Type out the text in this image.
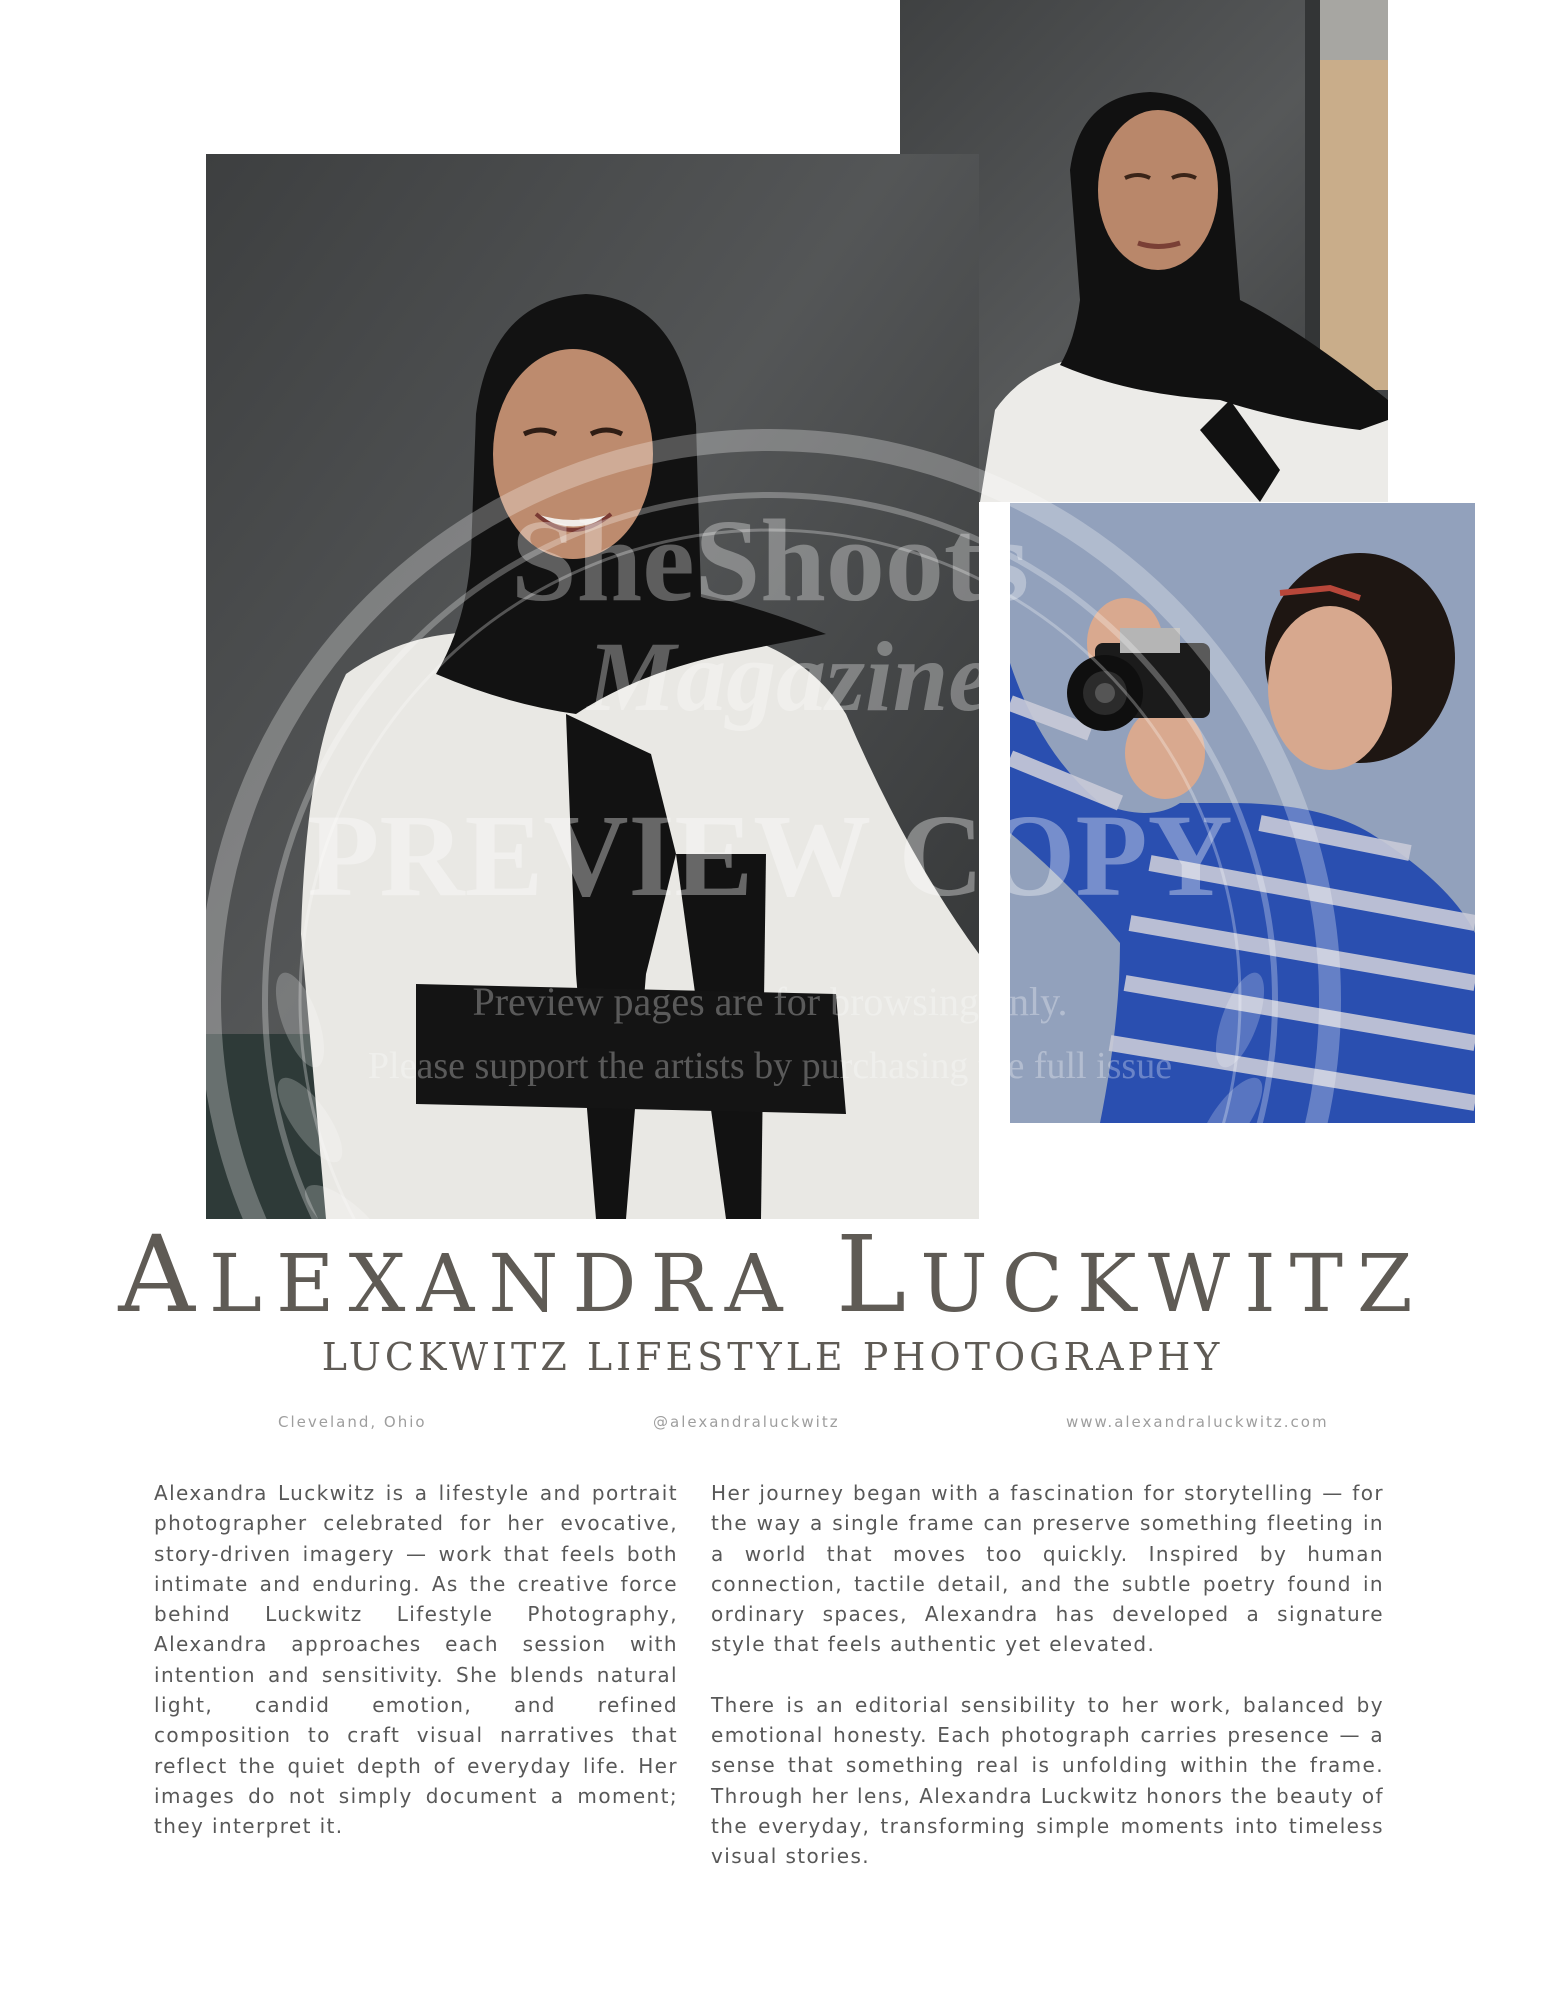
SheShoots
Magazine
PREVIEW COPY
Preview pages are for browsing only.
Please support the artists by purchasing the full issue
ALEXANDRA LUCKWITZ
LUCKWITZ LIFESTYLE PHOTOGRAPHY
Cleveland, Ohio	@alexandraluckwitz	www.alexandraluckwitz.com

Alexandra Luckwitz is a lifestyle and portrait photographer celebrated for her evocative, story-driven imagery — work that feels both intimate and enduring. As the creative force behind Luckwitz Lifestyle Photography, Alexandra approaches each session with intention and sensitivity. She blends natural light, candid emotion, and refined composition to craft visual narratives that reflect the quiet depth of everyday life. Her images do not simply document a moment; they interpret it.

Her journey began with a fascination for storytelling — for the way a single frame can preserve something fleeting in a world that moves too quickly. Inspired by human connection, tactile detail, and the subtle poetry found in ordinary spaces, Alexandra has developed a signature style that feels authentic yet elevated.

There is an editorial sensibility to her work, balanced by emotional honesty. Each photograph carries presence — a sense that something real is unfolding within the frame. Through her lens, Alexandra Luckwitz honors the beauty of the everyday, transforming simple moments into timeless visual stories.
